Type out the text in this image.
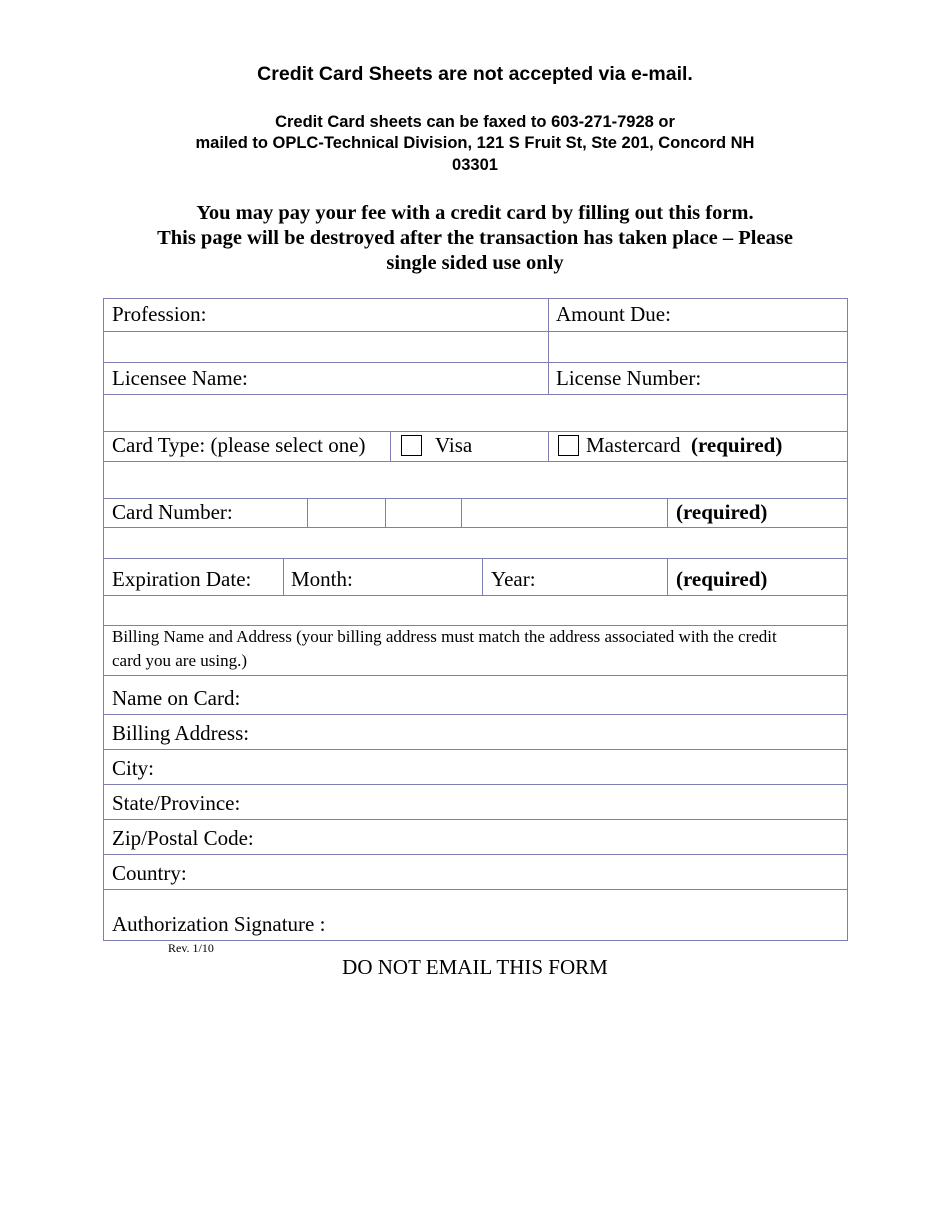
Credit Card Sheets are not accepted via e-mail.
Credit Card sheets can be faxed to 603-271-7928 or
mailed to OPLC-Technical Division, 121 S Fruit St, Ste 201, Concord NH
03301
You may pay your fee with a credit card by filling out this form.
This page will be destroyed after the transaction has taken place – Please
single sided use only
Profession:	Amount Due:
Licensee Name:	License Number:
Card Type: (please select one)	Visa	Mastercard (required)
Card Number:	(required)
Expiration Date: Month:	Year:	(required)
Billing Name and Address (your billing address must match the address associated with the credit
card you are using.)
Name on Card:
Billing Address:
City:
State/Province:
Zip/Postal Code:
Country:
Authorization Signature :
Rev. 1/10
DO NOT EMAIL THIS FORM
